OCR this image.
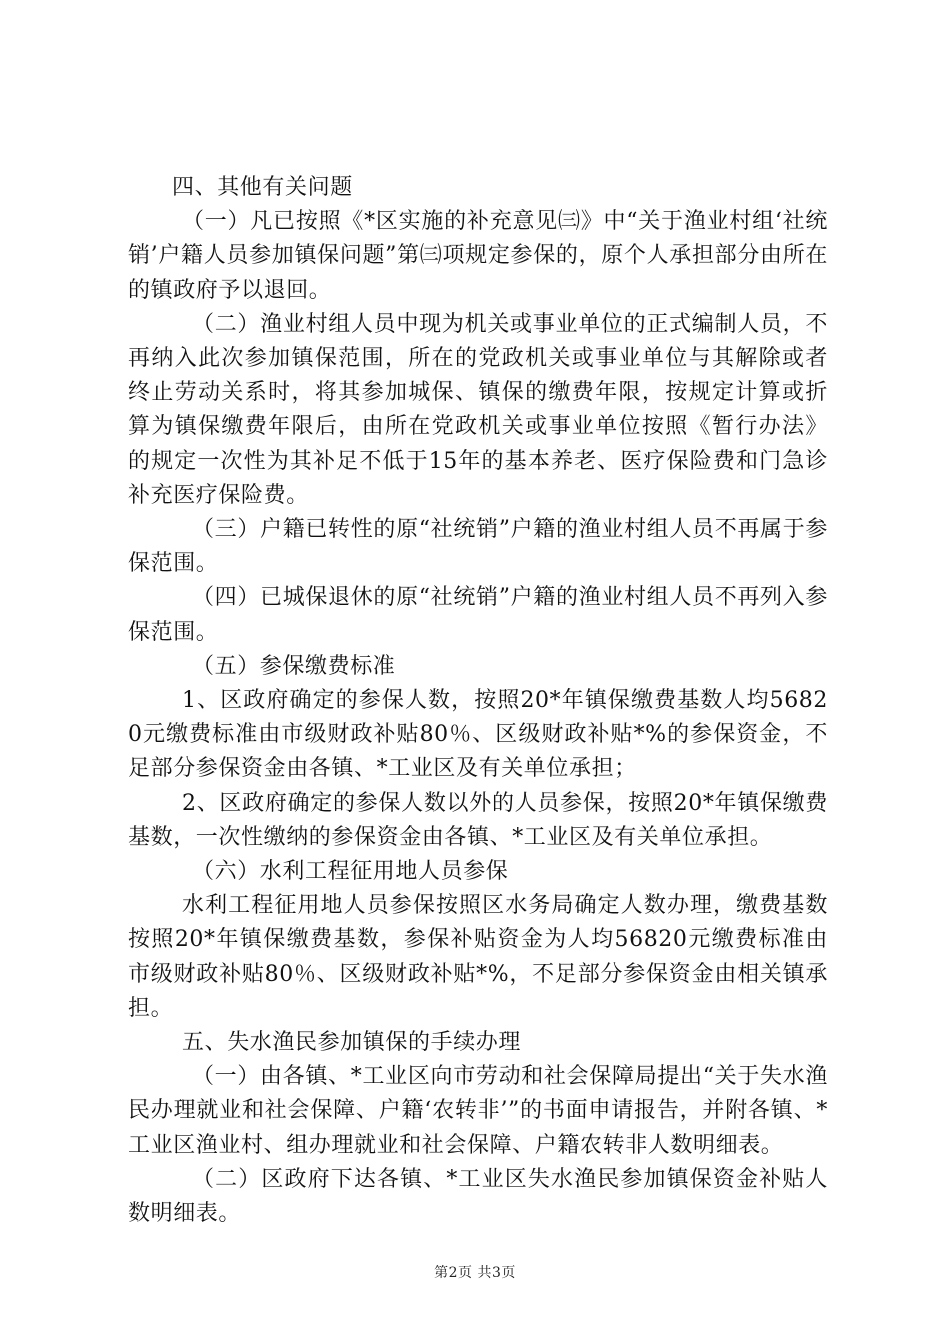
四、其他有关问题

（一）凡已按照《*区实施的补充意见㈢》中“关于渔业村组‘社统销’户籍人员参加镇保问题”第㈢项规定参保的，原个人承担部分由所在的镇政府予以退回。

（二）渔业村组人员中现为机关或事业单位的正式编制人员，不再纳入此次参加镇保范围，所在的党政机关或事业单位与其解除或者终止劳动关系时，将其参加城保、镇保的缴费年限，按规定计算或折算为镇保缴费年限后，由所在党政机关或事业单位按照《暂行办法》的规定一次性为其补足不低于15年的基本养老、医疗保险费和门急诊补充医疗保险费。

（三）户籍已转性的原“社统销”户籍的渔业村组人员不再属于参保范围。

（四）已城保退休的原“社统销”户籍的渔业村组人员不再列入参保范围。

（五）参保缴费标准

1、区政府确定的参保人数，按照20*年镇保缴费基数人均56820元缴费标准由市级财政补贴80％、区级财政补贴*%的参保资金，不足部分参保资金由各镇、*工业区及有关单位承担；

2、区政府确定的参保人数以外的人员参保，按照20*年镇保缴费基数，一次性缴纳的参保资金由各镇、*工业区及有关单位承担。

（六）水利工程征用地人员参保

水利工程征用地人员参保按照区水务局确定人数办理，缴费基数按照20*年镇保缴费基数，参保补贴资金为人均56820元缴费标准由市级财政补贴80％、区级财政补贴*%，不足部分参保资金由相关镇承担。

五、失水渔民参加镇保的手续办理

（一）由各镇、*工业区向市劳动和社会保障局提出“关于失水渔民办理就业和社会保障、户籍‘农转非’”的书面申请报告，并附各镇、*工业区渔业村、组办理就业和社会保障、户籍农转非人数明细表。

（二）区政府下达各镇、*工业区失水渔民参加镇保资金补贴人数明细表。

第2页 共3页
